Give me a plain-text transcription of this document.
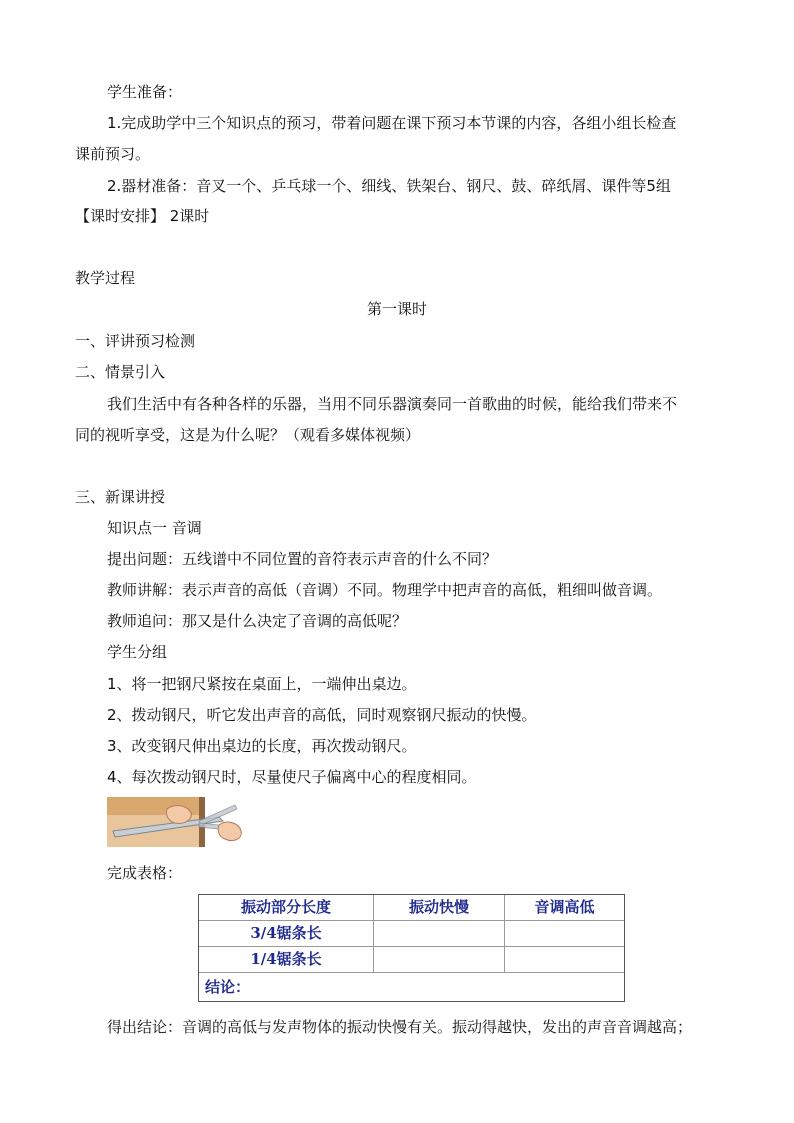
学生准备：
1.完成助学中三个知识点的预习，带着问题在课下预习本节课的内容，各组小组长检查
课前预习。
2.器材准备：音叉一个、乒乓球一个、细线、铁架台、钢尺、鼓、碎纸屑、课件等5组
【课时安排】 2课时
教学过程
第一课时
一、评讲预习检测
二、情景引入
我们生活中有各种各样的乐器，当用不同乐器演奏同一首歌曲的时候，能给我们带来不
同的视听享受，这是为什么呢？（观看多媒体视频）
三、新课讲授
知识点一 音调
提出问题：五线谱中不同位置的音符表示声音的什么不同？
教师讲解：表示声音的高低（音调）不同。物理学中把声音的高低，粗细叫做音调。
教师追问：那又是什么决定了音调的高低呢？
学生分组
1、将一把钢尺紧按在桌面上，一端伸出桌边。
2、拨动钢尺，听它发出声音的高低，同时观察钢尺振动的快慢。
3、改变钢尺伸出桌边的长度，再次拨动钢尺。
4、每次拨动钢尺时，尽量使尺子偏离中心的程度相同。
完成表格：
振动部分长度	振动快慢	音调高低
3/4锯条长
1/4锯条长
结论：
得出结论：音调的高低与发声物体的振动快慢有关。振动得越快，发出的声音音调越高；
